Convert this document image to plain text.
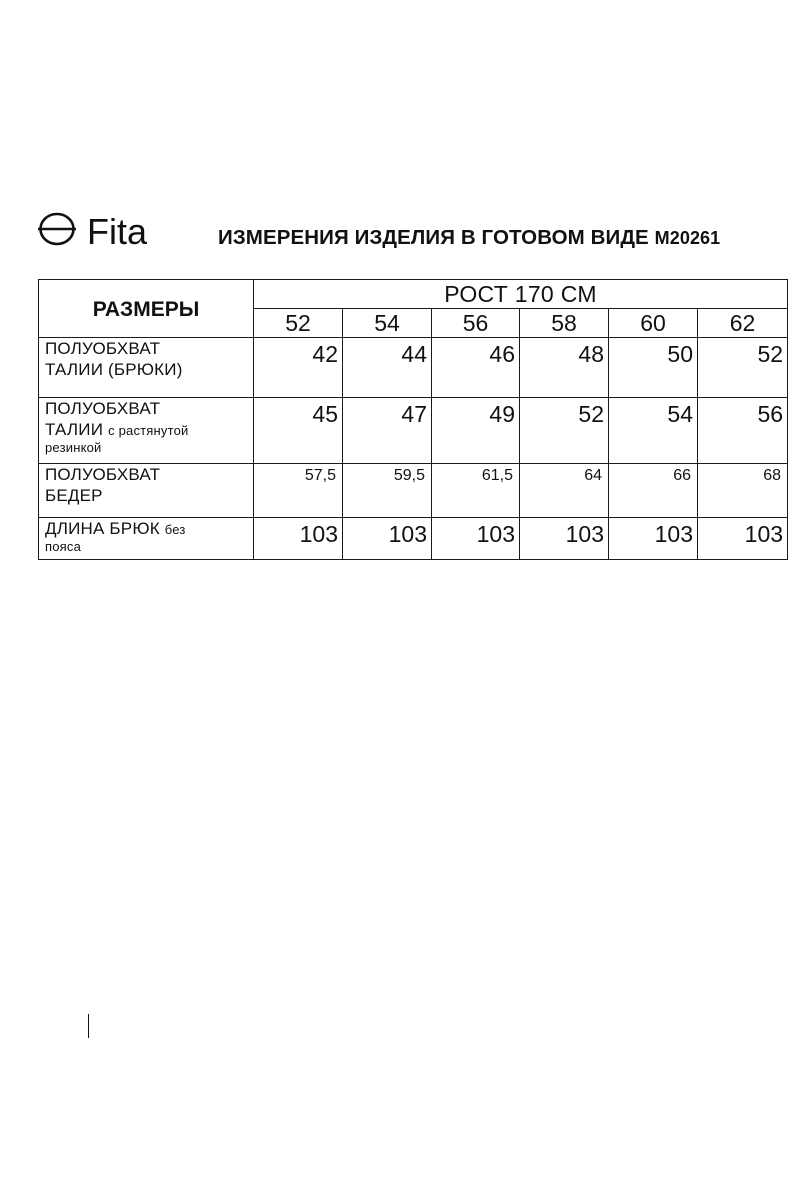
Fita	ИЗМЕРЕНИЯ ИЗДЕЛИЯ В ГОТОВОМ ВИДЕ M20261
РАЗМЕРЫ	РОСТ 170 СМ					
	52	54	56	58	60	62

ПОЛУОБХВАТ
ТАЛИИ (БРЮКИ)	42	44	46	48	50	52

ПОЛУОБХВАТ
ТАЛИИ с растянутой
резинкой	45	47	49	52	54	56

ПОЛУОБХВАТ
БЕДЕР	57,5	59,5	61,5	64	66	68

ДЛИНА БРЮК без
пояса	103	103	103	103	103	103
